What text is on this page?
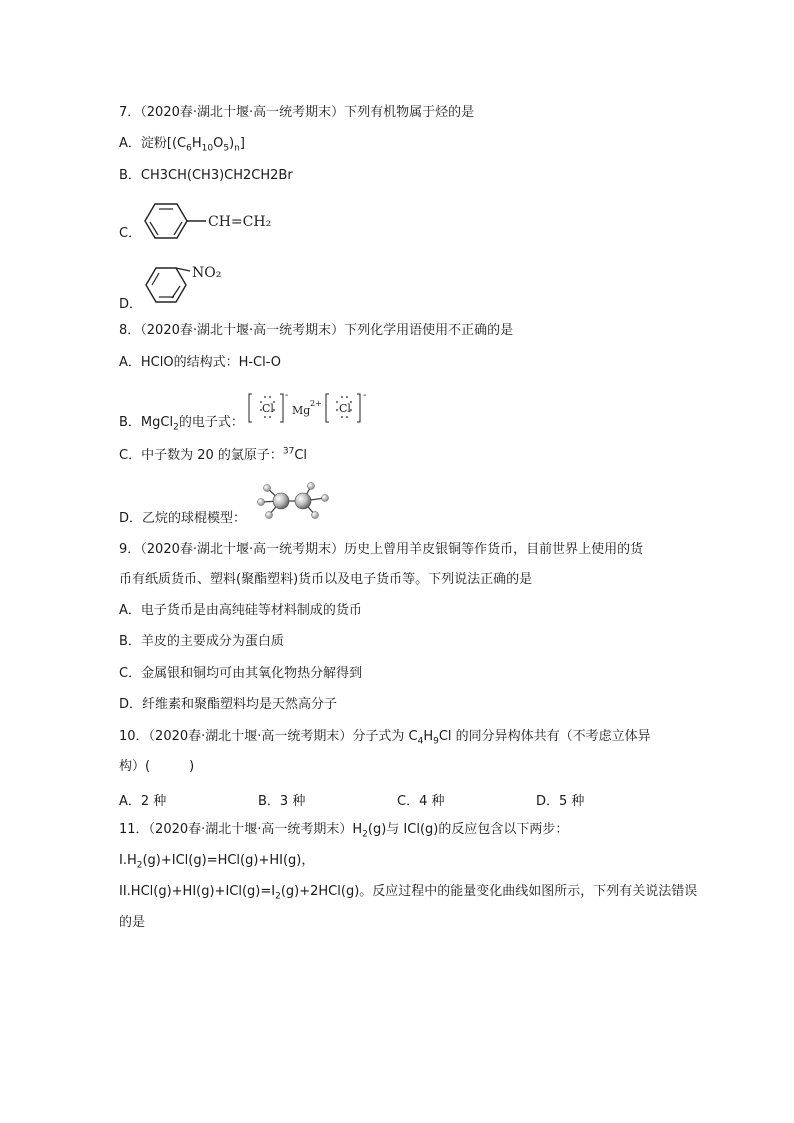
7．（2020春·湖北十堰·高一统考期末）下列有机物属于烃的是
A．淀粉$[(C_6H_{10}O_5)_n]$
B．CH3CH(CH3)CH2CH2Br
C．
CH=CH₂
D．
NO₂
8．（2020春·湖北十堰·高一统考期末）下列化学用语使用不正确的是
A．HClO的结构式：H-Cl-O
B．MgCl$_2$的电子式：
Cl
-
Mg
2+ Cl
-
C．中子数为 20 的氯原子：$^{37}$Cl
D．乙烷的球棍模型：
9．（2020春·湖北十堰·高一统考期末）历史上曾用羊皮银铜等作货币，目前世界上使用的货
币有纸质货币、塑料(聚酯塑料)货币以及电子货币等。下列说法正确的是
A．电子货币是由高纯硅等材料制成的货币
B．羊皮的主要成分为蛋白质
C．金属银和铜均可由其氧化物热分解得到
D．纤维素和聚酯塑料均是天然高分子
10．（2020春·湖北十堰·高一统考期末）分子式为 $C_4H_9Cl$ 的同分异构体共有（不考虑立体异
构）(　　　)
A．2 种	B．3 种	C．4 种	D．5 种
11．（2020春·湖北十堰·高一统考期末）$H_2(g)$与 ICl(g)的反应包含以下两步：
$I.H_2(g)+ICl(g)=HCl(g)+HI(g)$，
$II.HCl(g)+HI(g)+ICl(g)=I_2(g)+2HCl(g)$。反应过程中的能量变化曲线如图所示，下列有关说法错误
的是
